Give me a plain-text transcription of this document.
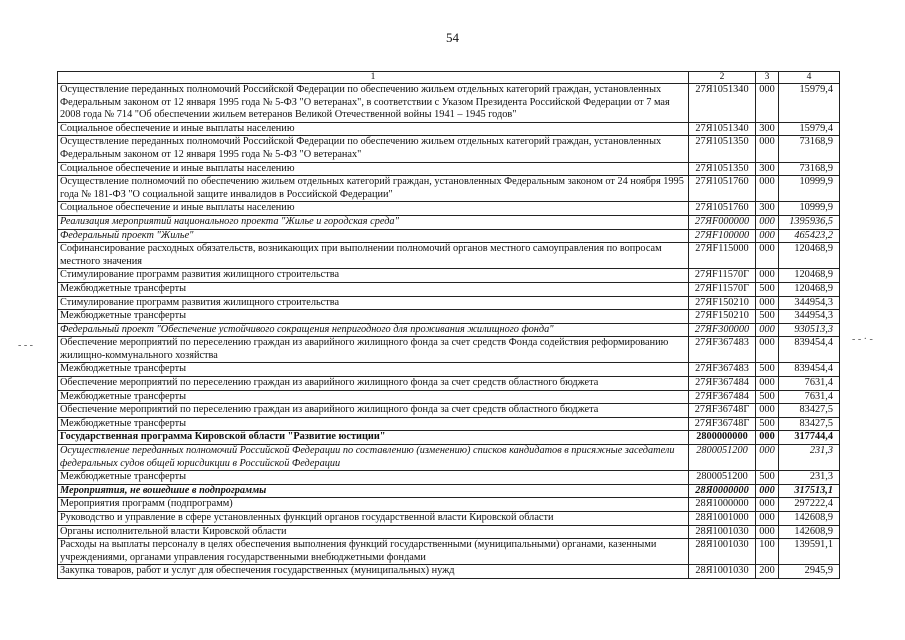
54
1	2	3	4
Осуществление переданных полномочий Российской Федерации по обеспечению жильем отдельных категорий граждан, установленных Федеральным законом от 12 января 1995 года № 5-ФЗ "О ветеранах", в соответствии с Указом Президента Российской Федерации от 7 мая 2008 года № 714 "Об обеспечении жильем ветеранов Великой Отечественной войны 1941 – 1945 годов"	27Я1051340	000	15979,4
Социальное обеспечение и иные выплаты населению	27Я1051340	300	15979,4
Осуществление переданных полномочий Российской Федерации по обеспечению жильем отдельных категорий граждан, установленных Федеральным законом от 12 января 1995 года № 5-ФЗ "О ветеранах"	27Я1051350	000	73168,9
Социальное обеспечение и иные выплаты населению	27Я1051350	300	73168,9
Осуществление полномочий по обеспечению жильем отдельных категорий граждан, установленных Федеральным законом от 24 ноября 1995 года № 181-ФЗ "О социальной защите инвалидов в Российской Федерации"	27Я1051760	000	10999,9
Социальное обеспечение и иные выплаты населению	27Я1051760	300	10999,9
Реализация мероприятий национального проекта "Жилье и городская среда"	27ЯF000000	000	1395936,5
Федеральный проект "Жилье"	27ЯF100000	000	465423,2
Софинансирование расходных обязательств, возникающих при выполнении полномочий органов местного самоуправления по вопросам местного значения	27ЯF115000	000	120468,9
Стимулирование программ развития жилищного строительства	27ЯF11570Г	000	120468,9
Межбюджетные трансферты	27ЯF11570Г	500	120468,9
Стимулирование программ развития жилищного строительства	27ЯF150210	000	344954,3
Межбюджетные трансферты	27ЯF150210	500	344954,3
Федеральный проект "Обеспечение устойчивого сокращения непригодного для проживания жилищного фонда"	27ЯF300000	000	930513,3
Обеспечение мероприятий по переселению граждан из аварийного жилищного фонда за счет средств Фонда содействия реформированию жилищно-коммунального хозяйства	27ЯF367483	000	839454,4
Межбюджетные трансферты	27ЯF367483	500	839454,4
Обеспечение мероприятий по переселению граждан из аварийного жилищного фонда за счет средств областного бюджета	27ЯF367484	000	7631,4
Межбюджетные трансферты	27ЯF367484	500	7631,4
Обеспечение мероприятий по переселению граждан из аварийного жилищного фонда за счет средств областного бюджета	27ЯF36748Г	000	83427,5
Межбюджетные трансферты	27ЯF36748Г	500	83427,5
Государственная программа Кировской области "Развитие юстиции"	2800000000	000	317744,4
Осуществление переданных полномочий Российской Федерации по составлению (изменению) списков кандидатов в присяжные заседатели федеральных судов общей юрисдикции в Российской Федерации	2800051200	000	231,3
Межбюджетные трансферты	2800051200	500	231,3
Мероприятия, не вошедшие в подпрограммы	28Я0000000	000	317513,1
Мероприятия программ (подпрограмм)	28Я1000000	000	297222,4
Руководство и управление в сфере установленных функций органов государственной власти Кировской области	28Я1001000	000	142608,9
Органы исполнительной власти Кировской области	28Я1001030	000	142608,9
Расходы на выплаты персоналу в целях обеспечения выполнения функций государственными (муниципальными) органами, казенными учреждениями, органами управления государственными внебюджетными фондами	28Я1001030	100	139591,1
Закупка товаров, работ и услуг для обеспечения государственных (муниципальных) нужд	28Я1001030	200	2945,9
- - -
- - · -
